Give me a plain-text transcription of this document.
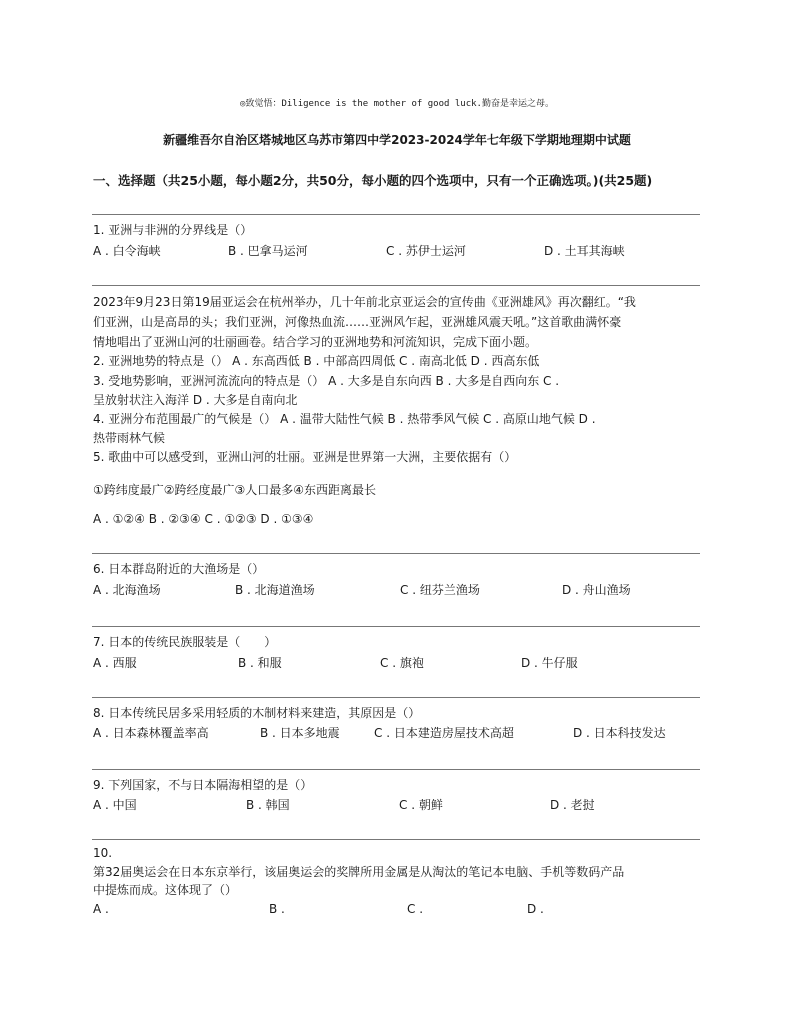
◎致觉悟：Diligence is the mother of good luck.勤奋是幸运之母。
新疆维吾尔自治区塔城地区乌苏市第四中学2023-2024学年七年级下学期地理期中试题
一、选择题（共25小题，每小题2分，共50分，每小题的四个选项中，只有一个正确选项。)(共25题)
1. 亚洲与非洲的分界线是（）
A . 白令海峡	B . 巴拿马运河	C . 苏伊士运河	D . 土耳其海峡
2023年9月23日第19届亚运会在杭州举办，几十年前北京亚运会的宣传曲《亚洲雄风》再次翻红。“我
们亚洲，山是高昂的头；我们亚洲，河像热血流……亚洲风乍起，亚洲雄风震天吼。”这首歌曲满怀豪
情地唱出了亚洲山河的壮丽画卷。结合学习的亚洲地势和河流知识，完成下面小题。
2. 亚洲地势的特点是（） A . 东高西低 B . 中部高四周低 C . 南高北低 D . 西高东低
3. 受地势影响，亚洲河流流向的特点是（） A . 大多是自东向西 B . 大多是自西向东 C .
呈放射状注入海洋 D . 大多是自南向北
4. 亚洲分布范围最广的气候是（） A . 温带大陆性气候 B . 热带季风气候 C . 高原山地气候 D .
热带雨林气候
5. 歌曲中可以感受到，亚洲山河的壮丽。亚洲是世界第一大洲，主要依据有（）
①跨纬度最广②跨经度最广③人口最多④东西距离最长
A . ①②④ B . ②③④ C . ①②③ D . ①③④
6. 日本群岛附近的大渔场是（）
A . 北海渔场	B . 北海道渔场	C . 纽芬兰渔场	D . 舟山渔场
7. 日本的传统民族服装是（　　）
A . 西服	B . 和服	C . 旗袍	D . 牛仔服
8. 日本传统民居多采用轻质的木制材料来建造，其原因是（）
A . 日本森林覆盖率高	B . 日本多地震	C . 日本建造房屋技术高超	D . 日本科技发达
9. 下列国家，不与日本隔海相望的是（）
A . 中国	B . 韩国	C . 朝鲜	D . 老挝
10.
第32届奥运会在日本东京举行，该届奥运会的奖牌所用金属是从淘汰的笔记本电脑、手机等数码产品
中提炼而成。这体现了（）
A .	B .	C .	D .
